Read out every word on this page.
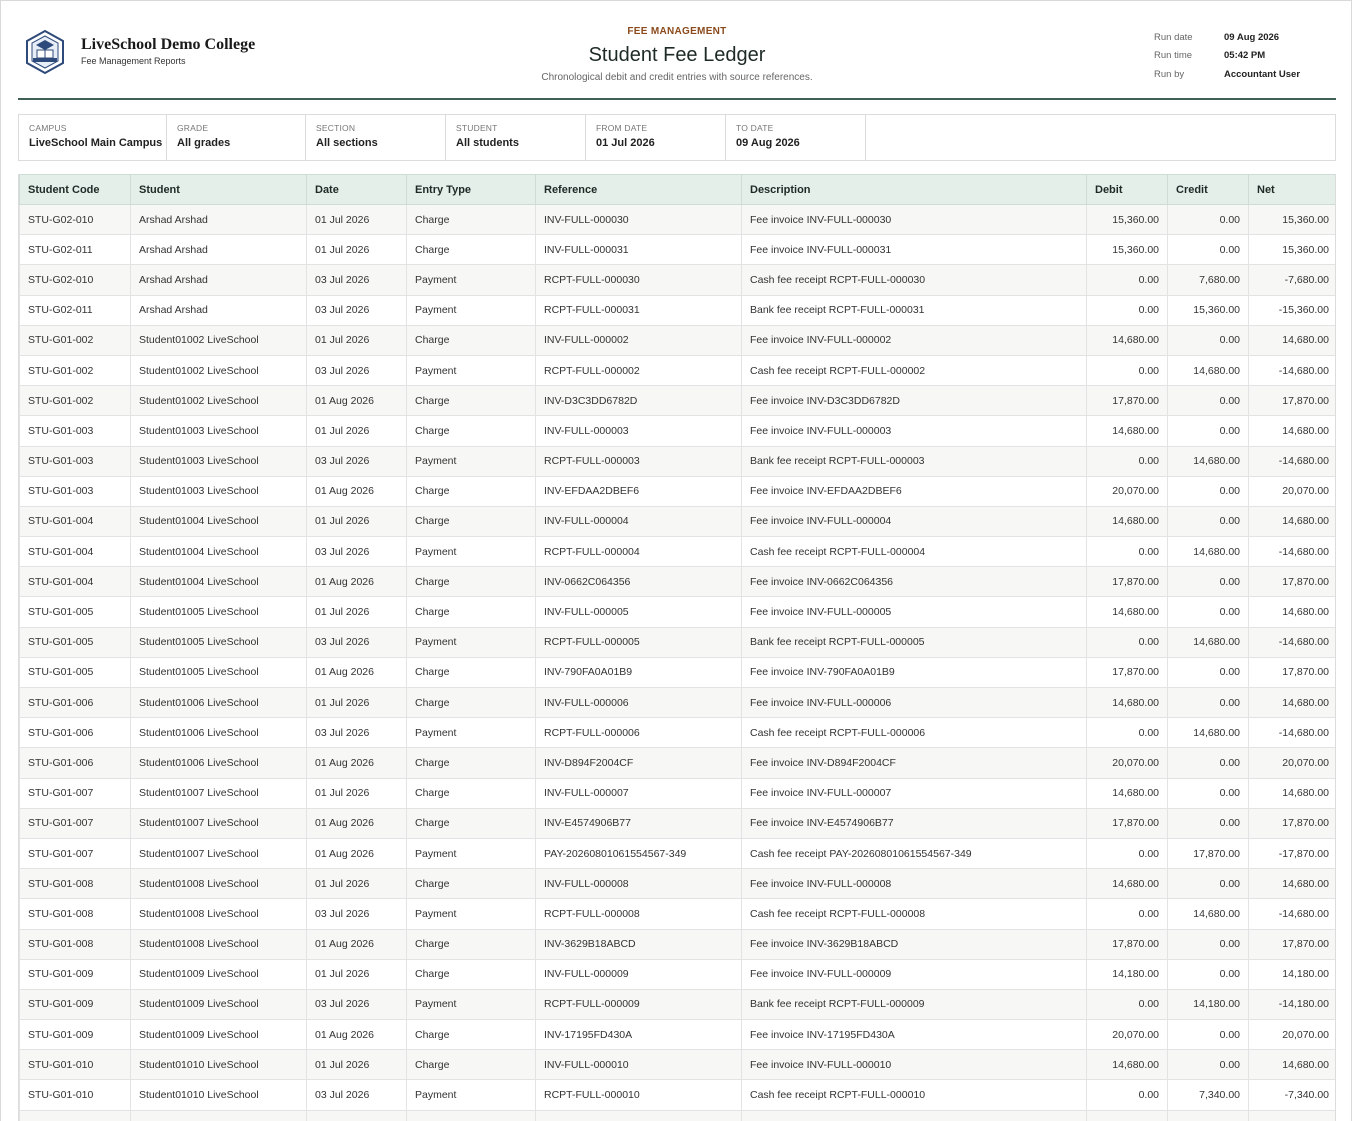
LiveSchool Demo College
Fee Management Reports
FEE MANAGEMENT
Student Fee Ledger
Chronological debit and credit entries with source references.
Run date	09 Aug 2026
Run time	05:42 PM
Run by	Accountant User
CAMPUS
LiveSchool Main Campus
GRADE
All grades
SECTION
All sections
STUDENT
All students
FROM DATE
01 Jul 2026
TO DATE
09 Aug 2026
Student Code	Student	Date	Entry Type	Reference	Description	Debit	Credit	Net
STU-G02-010	Arshad Arshad	01 Jul 2026	Charge	INV-FULL-000030	Fee invoice INV-FULL-000030	15,360.00	0.00	15,360.00
STU-G02-011	Arshad Arshad	01 Jul 2026	Charge	INV-FULL-000031	Fee invoice INV-FULL-000031	15,360.00	0.00	15,360.00
STU-G02-010	Arshad Arshad	03 Jul 2026	Payment	RCPT-FULL-000030	Cash fee receipt RCPT-FULL-000030	0.00	7,680.00	-7,680.00
STU-G02-011	Arshad Arshad	03 Jul 2026	Payment	RCPT-FULL-000031	Bank fee receipt RCPT-FULL-000031	0.00	15,360.00	-15,360.00
STU-G01-002	Student01002 LiveSchool	01 Jul 2026	Charge	INV-FULL-000002	Fee invoice INV-FULL-000002	14,680.00	0.00	14,680.00
STU-G01-002	Student01002 LiveSchool	03 Jul 2026	Payment	RCPT-FULL-000002	Cash fee receipt RCPT-FULL-000002	0.00	14,680.00	-14,680.00
STU-G01-002	Student01002 LiveSchool	01 Aug 2026	Charge	INV-D3C3DD6782D	Fee invoice INV-D3C3DD6782D	17,870.00	0.00	17,870.00
STU-G01-003	Student01003 LiveSchool	01 Jul 2026	Charge	INV-FULL-000003	Fee invoice INV-FULL-000003	14,680.00	0.00	14,680.00
STU-G01-003	Student01003 LiveSchool	03 Jul 2026	Payment	RCPT-FULL-000003	Bank fee receipt RCPT-FULL-000003	0.00	14,680.00	-14,680.00
STU-G01-003	Student01003 LiveSchool	01 Aug 2026	Charge	INV-EFDAA2DBEF6	Fee invoice INV-EFDAA2DBEF6	20,070.00	0.00	20,070.00
STU-G01-004	Student01004 LiveSchool	01 Jul 2026	Charge	INV-FULL-000004	Fee invoice INV-FULL-000004	14,680.00	0.00	14,680.00
STU-G01-004	Student01004 LiveSchool	03 Jul 2026	Payment	RCPT-FULL-000004	Cash fee receipt RCPT-FULL-000004	0.00	14,680.00	-14,680.00
STU-G01-004	Student01004 LiveSchool	01 Aug 2026	Charge	INV-0662C064356	Fee invoice INV-0662C064356	17,870.00	0.00	17,870.00
STU-G01-005	Student01005 LiveSchool	01 Jul 2026	Charge	INV-FULL-000005	Fee invoice INV-FULL-000005	14,680.00	0.00	14,680.00
STU-G01-005	Student01005 LiveSchool	03 Jul 2026	Payment	RCPT-FULL-000005	Bank fee receipt RCPT-FULL-000005	0.00	14,680.00	-14,680.00
STU-G01-005	Student01005 LiveSchool	01 Aug 2026	Charge	INV-790FA0A01B9	Fee invoice INV-790FA0A01B9	17,870.00	0.00	17,870.00
STU-G01-006	Student01006 LiveSchool	01 Jul 2026	Charge	INV-FULL-000006	Fee invoice INV-FULL-000006	14,680.00	0.00	14,680.00
STU-G01-006	Student01006 LiveSchool	03 Jul 2026	Payment	RCPT-FULL-000006	Cash fee receipt RCPT-FULL-000006	0.00	14,680.00	-14,680.00
STU-G01-006	Student01006 LiveSchool	01 Aug 2026	Charge	INV-D894F2004CF	Fee invoice INV-D894F2004CF	20,070.00	0.00	20,070.00
STU-G01-007	Student01007 LiveSchool	01 Jul 2026	Charge	INV-FULL-000007	Fee invoice INV-FULL-000007	14,680.00	0.00	14,680.00
STU-G01-007	Student01007 LiveSchool	01 Aug 2026	Charge	INV-E4574906B77	Fee invoice INV-E4574906B77	17,870.00	0.00	17,870.00
STU-G01-007	Student01007 LiveSchool	01 Aug 2026	Payment	PAY-20260801061554567-349	Cash fee receipt PAY-20260801061554567-349	0.00	17,870.00	-17,870.00
STU-G01-008	Student01008 LiveSchool	01 Jul 2026	Charge	INV-FULL-000008	Fee invoice INV-FULL-000008	14,680.00	0.00	14,680.00
STU-G01-008	Student01008 LiveSchool	03 Jul 2026	Payment	RCPT-FULL-000008	Cash fee receipt RCPT-FULL-000008	0.00	14,680.00	-14,680.00
STU-G01-008	Student01008 LiveSchool	01 Aug 2026	Charge	INV-3629B18ABCD	Fee invoice INV-3629B18ABCD	17,870.00	0.00	17,870.00
STU-G01-009	Student01009 LiveSchool	01 Jul 2026	Charge	INV-FULL-000009	Fee invoice INV-FULL-000009	14,180.00	0.00	14,180.00
STU-G01-009	Student01009 LiveSchool	03 Jul 2026	Payment	RCPT-FULL-000009	Bank fee receipt RCPT-FULL-000009	0.00	14,180.00	-14,180.00
STU-G01-009	Student01009 LiveSchool	01 Aug 2026	Charge	INV-17195FD430A	Fee invoice INV-17195FD430A	20,070.00	0.00	20,070.00
STU-G01-010	Student01010 LiveSchool	01 Jul 2026	Charge	INV-FULL-000010	Fee invoice INV-FULL-000010	14,680.00	0.00	14,680.00
STU-G01-010	Student01010 LiveSchool	03 Jul 2026	Payment	RCPT-FULL-000010	Cash fee receipt RCPT-FULL-000010	0.00	7,340.00	-7,340.00
